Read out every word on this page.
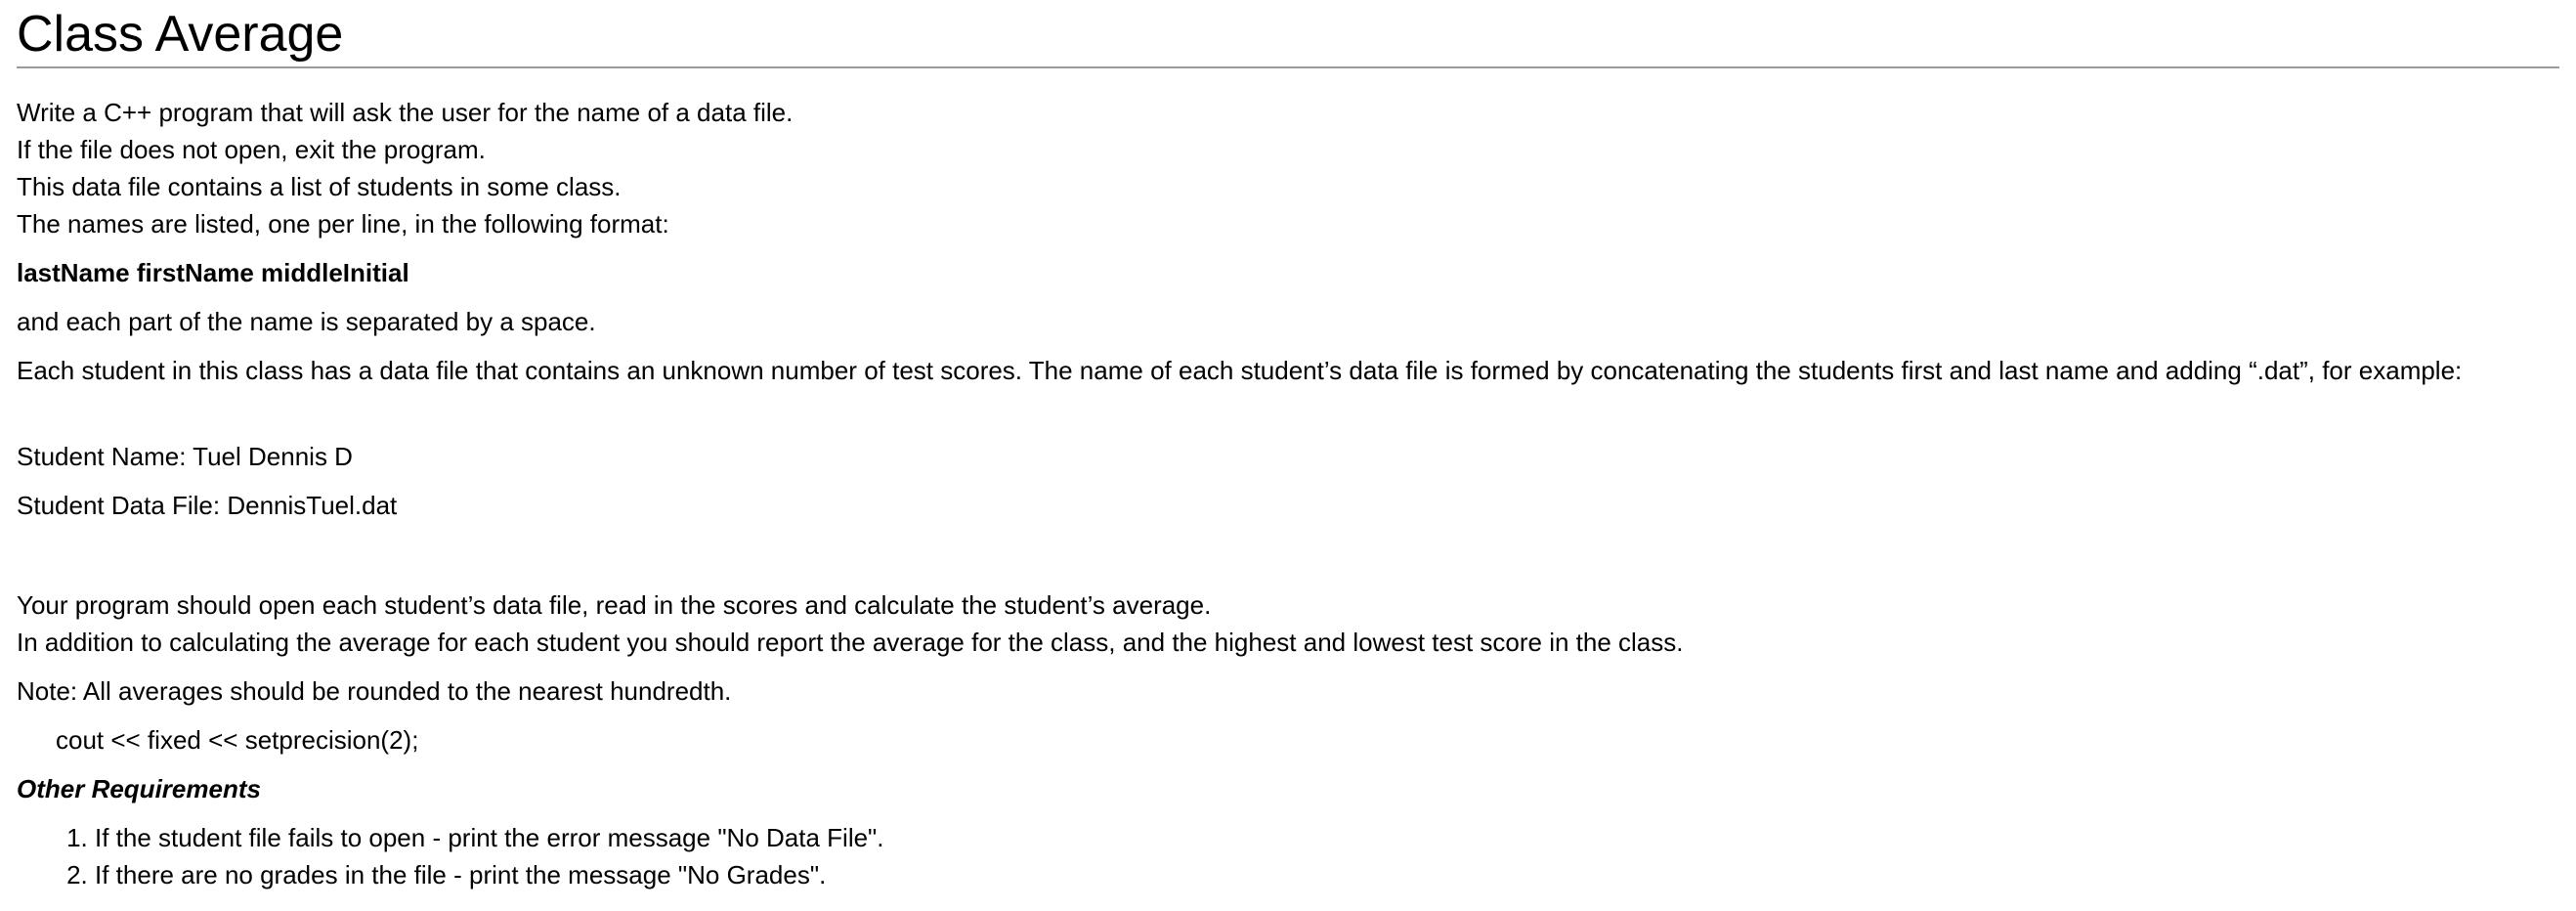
Class Average

Write a C++ program that will ask the user for the name of a data file.
If the file does not open, exit the program.
This data file contains a list of students in some class.
The names are listed, one per line, in the following format:

lastName firstName middleInitial

and each part of the name is separated by a space.

Each student in this class has a data file that contains an unknown number of test scores. The name of each student’s data file is formed by concatenating the students first and last name and adding “.dat”, for example:

Student Name: Tuel Dennis D

Student Data File: DennisTuel.dat

Your program should open each student’s data file, read in the scores and calculate the student’s average.
In addition to calculating the average for each student you should report the average for the class, and the highest and lowest test score in the class.

Note: All averages should be rounded to the nearest hundredth.

cout << fixed << setprecision(2);

Other Requirements

1. If the student file fails to open - print the error message "No Data File".
2. If there are no grades in the file - print the message "No Grades".
